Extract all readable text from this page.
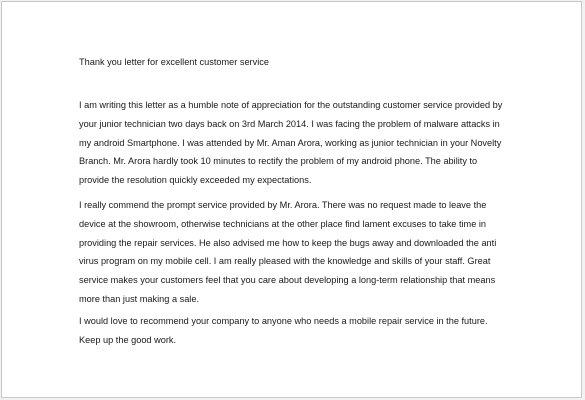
Thank you letter for excellent customer service
I am writing this letter as a humble note of appreciation for the outstanding customer service provided by
your junior technician two days back on 3rd March 2014. I was facing the problem of malware attacks in
my android Smartphone. I was attended by Mr. Aman Arora, working as junior technician in your Novelty
Branch. Mr. Arora hardly took 10 minutes to rectify the problem of my android phone. The ability to
provide the resolution quickly exceeded my expectations.
I really commend the prompt service provided by Mr. Arora. There was no request made to leave the
device at the showroom, otherwise technicians at the other place find lament excuses to take time in
providing the repair services. He also advised me how to keep the bugs away and downloaded the anti
virus program on my mobile cell. I am really pleased with the knowledge and skills of your staff. Great
service makes your customers feel that you care about developing a long-term relationship that means
more than just making a sale.
I would love to recommend your company to anyone who needs a mobile repair service in the future.
Keep up the good work.
